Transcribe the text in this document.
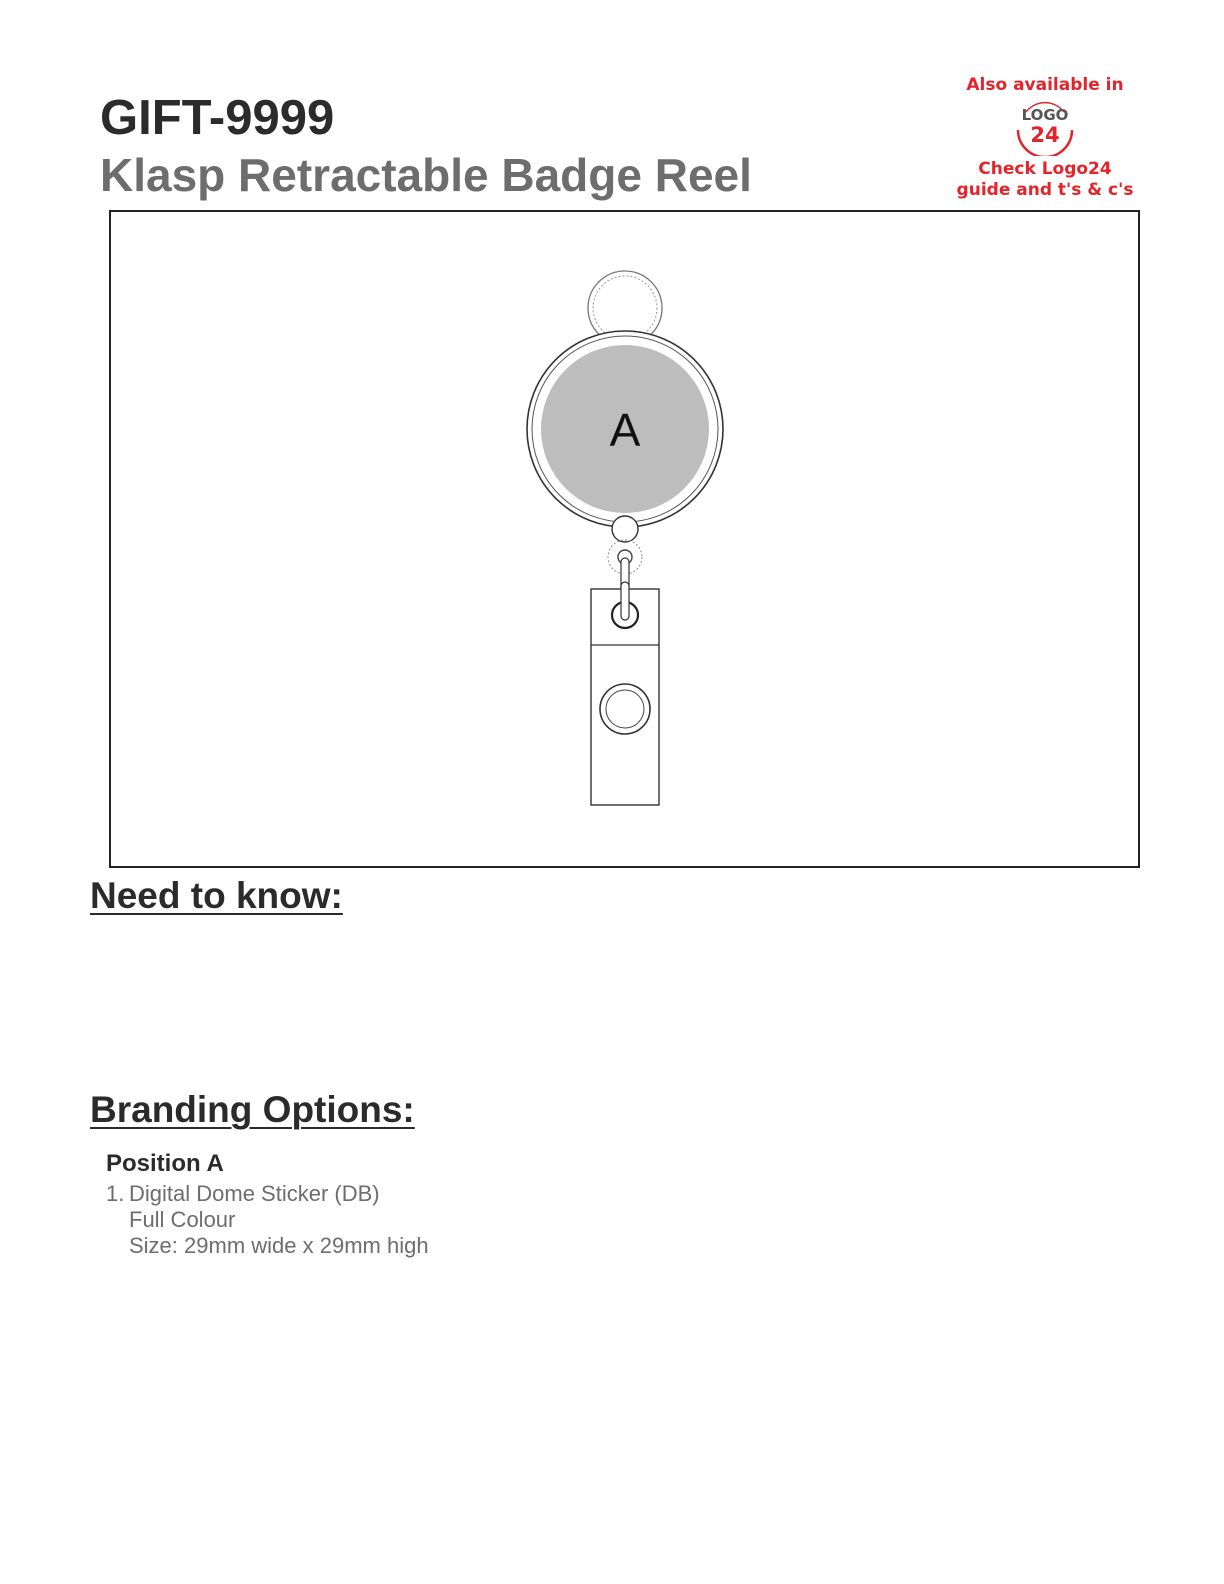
GIFT-9999
Klasp Retractable Badge Reel
Also available in
LOGO
24
Check Logo24
guide and t's & c's
A
Need to know:
Branding Options:
Position A
1. Digital Dome Sticker (DB)
Full Colour
Size: 29mm wide x 29mm high
